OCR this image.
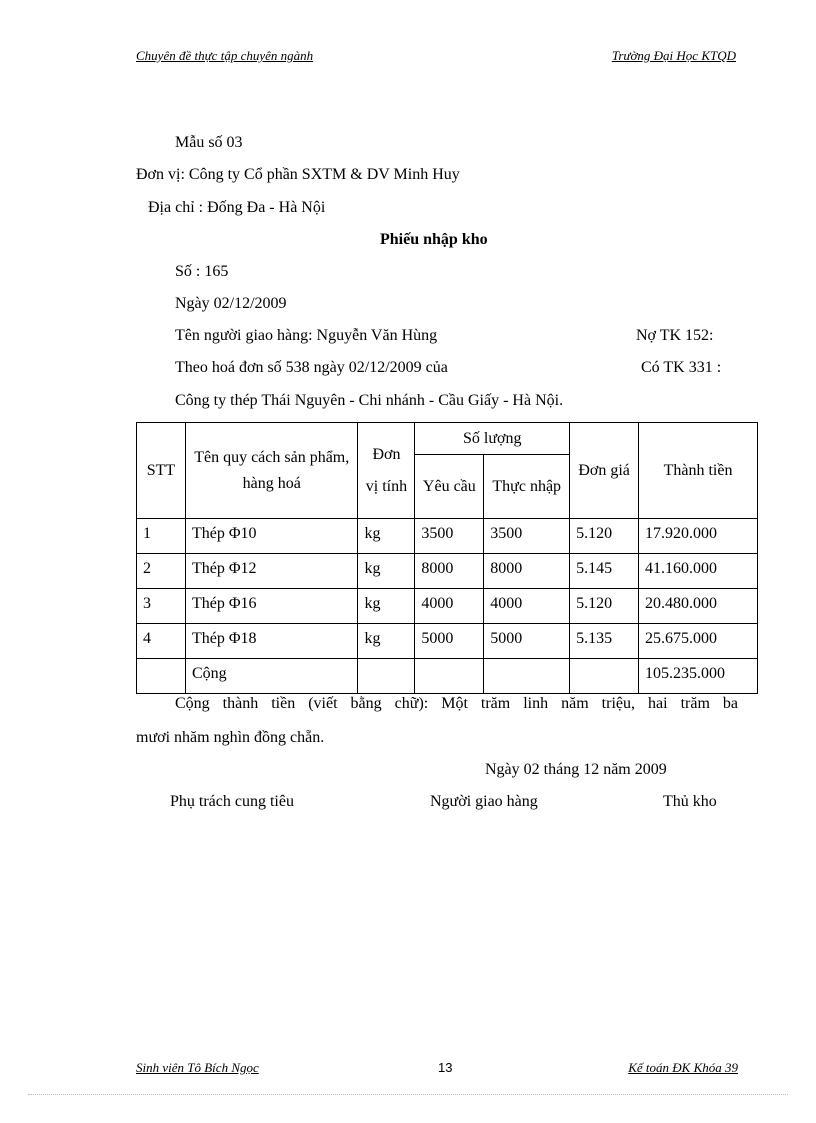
Chuyên đề thực tập chuyên ngành	Trường Đại Học KTQD
Mẫu số 03
Đơn vị: Công ty Cổ phần SXTM & DV Minh Huy
Địa chỉ : Đống Đa - Hà Nội
Phiếu nhập kho
Số : 165
Ngày 02/12/2009
Tên người giao hàng: Nguyễn Văn Hùng	Nợ TK 152:
Theo hoá đơn số 538 ngày 02/12/2009 của	Có TK 331 :
Công ty thép Thái Nguyên - Chi nhánh - Cầu Giấy - Hà Nội.
STT	Tên quy cách sản phẩm, hàng hoá	Đơn vị tính	Số lượng		Đơn giá	Thành tiền
			Yêu cầu	Thực nhập		
1	Thép Φ10	kg	3500	3500	5.120	17.920.000
2	Thép Φ12	kg	8000	8000	5.145	41.160.000
3	Thép Φ16	kg	4000	4000	5.120	20.480.000
4	Thép Φ18	kg	5000	5000	5.135	25.675.000
	Cộng					105.235.000
Cộng thành tiền (viết bằng chữ): Một trăm linh năm triệu, hai trăm ba
mươi nhăm nghìn đồng chẵn.
Ngày 02 tháng 12 năm 2009
Phụ trách cung tiêu	Người giao hàng	Thủ kho
Sinh viên Tô Bích Ngọc	13	Kế toán ĐK Khóa 39
